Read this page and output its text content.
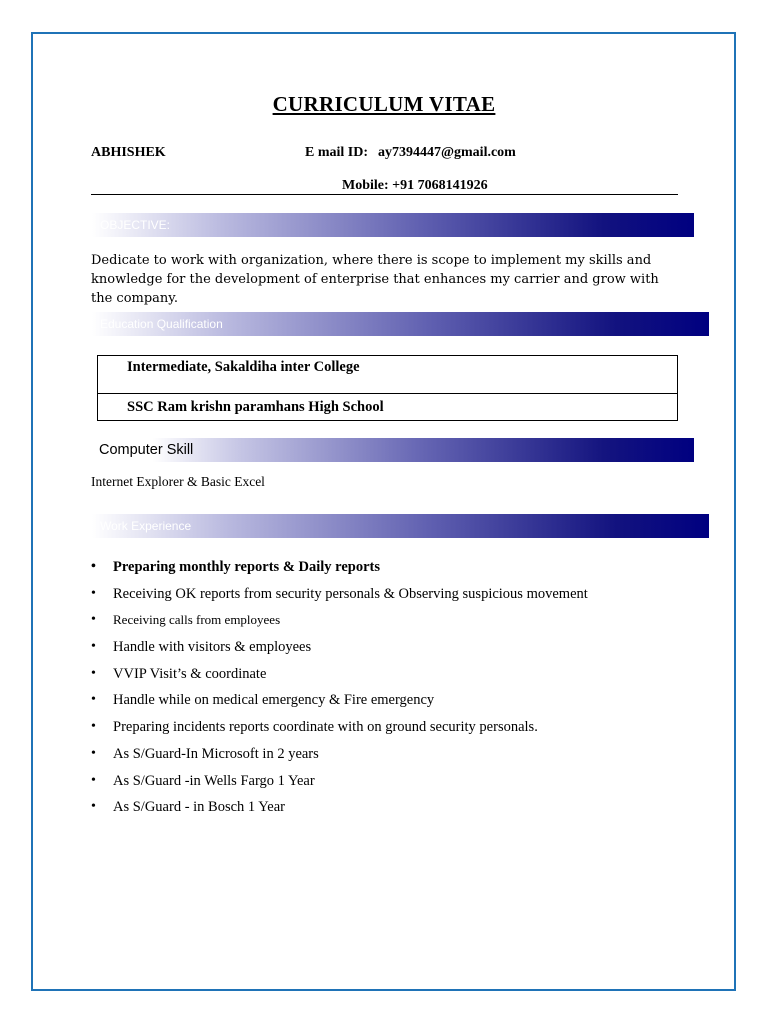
CURRICULUM VITAE
ABHISHEK	E mail ID: ay7394447@gmail.com
Mobile: +91 7068141926
OBJECTIVE:
Dedicate to work with organization, where there is scope to implement my skills and knowledge for the development of enterprise that enhances my carrier and grow with the company.
Education Qualification
Intermediate, Sakaldiha inter College
SSC Ram krishn paramhans High School
Computer Skill
Internet Explorer & Basic Excel
Work Experience
• Preparing monthly reports & Daily reports
• Receiving OK reports from security personals & Observing suspicious movement
• Receiving calls from employees
• Handle with visitors & employees
• VVIP Visit’s & coordinate
• Handle while on medical emergency & Fire emergency
• Preparing incidents reports coordinate with on ground security personals.
• As S/Guard-In Microsoft in 2 years
• As S/Guard -in Wells Fargo 1 Year
• As S/Guard - in Bosch 1 Year
